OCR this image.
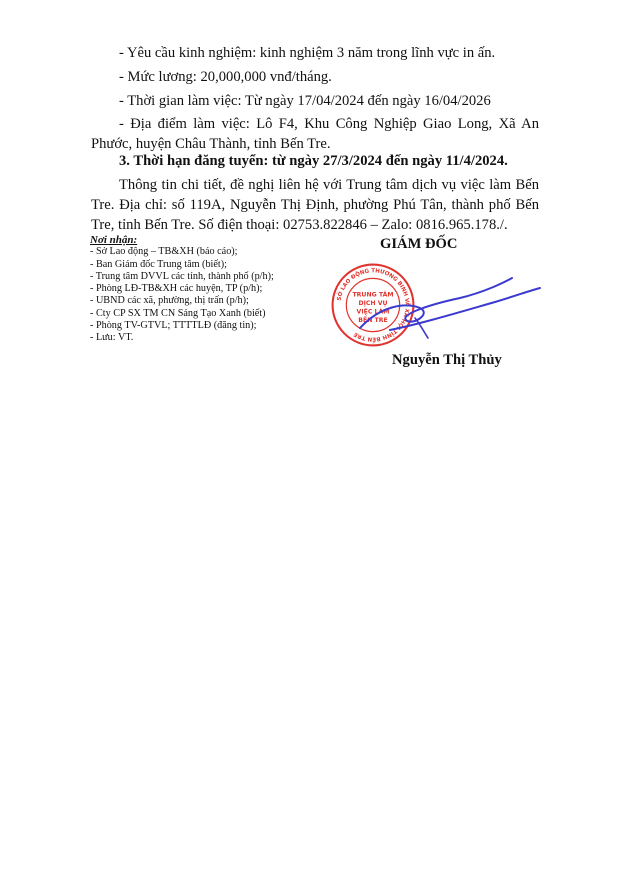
- Yêu cầu kinh nghiệm: kinh nghiệm 3 năm trong lĩnh vực in ấn.
- Mức lương: 20,000,000 vnđ/tháng.
- Thời gian làm việc: Từ ngày 17/04/2024 đến ngày 16/04/2026
- Địa điểm làm việc: Lô F4, Khu Công Nghiệp Giao Long, Xã An Phước, huyện Châu Thành, tỉnh Bến Tre.
3. Thời hạn đăng tuyển: từ ngày 27/3/2024 đến ngày 11/4/2024.
Thông tin chi tiết, đề nghị liên hệ với Trung tâm dịch vụ việc làm Bến Tre. Địa chỉ: số 119A, Nguyễn Thị Định, phường Phú Tân, thành phố Bến Tre, tỉnh Bến Tre. Số điện thoại: 02753.822846 – Zalo: 0816.965.178./.
Nơi nhận:
- Sở Lao động – TB&XH (báo cáo);
- Ban Giám đốc Trung tâm (biết);
- Trung tâm DVVL các tỉnh, thành phố (p/h);
- Phòng LĐ-TB&XH các huyện, TP (p/h);
- UBND các xã, phường, thị trấn (p/h);
- Cty CP SX TM CN Sáng Tạo Xanh (biết)
- Phòng TV-GTVL; TTTTLĐ (đăng tin);
- Lưu: VT.
GIÁM ĐỐC
SỞ LAO ĐỘNG THƯƠNG BINH VÀ XÃ HỘI TỈNH BẾN TRE
TRUNG TÂM
DỊCH VỤ
VIỆC LÀM
BẾN TRE
Nguyễn Thị Thủy
